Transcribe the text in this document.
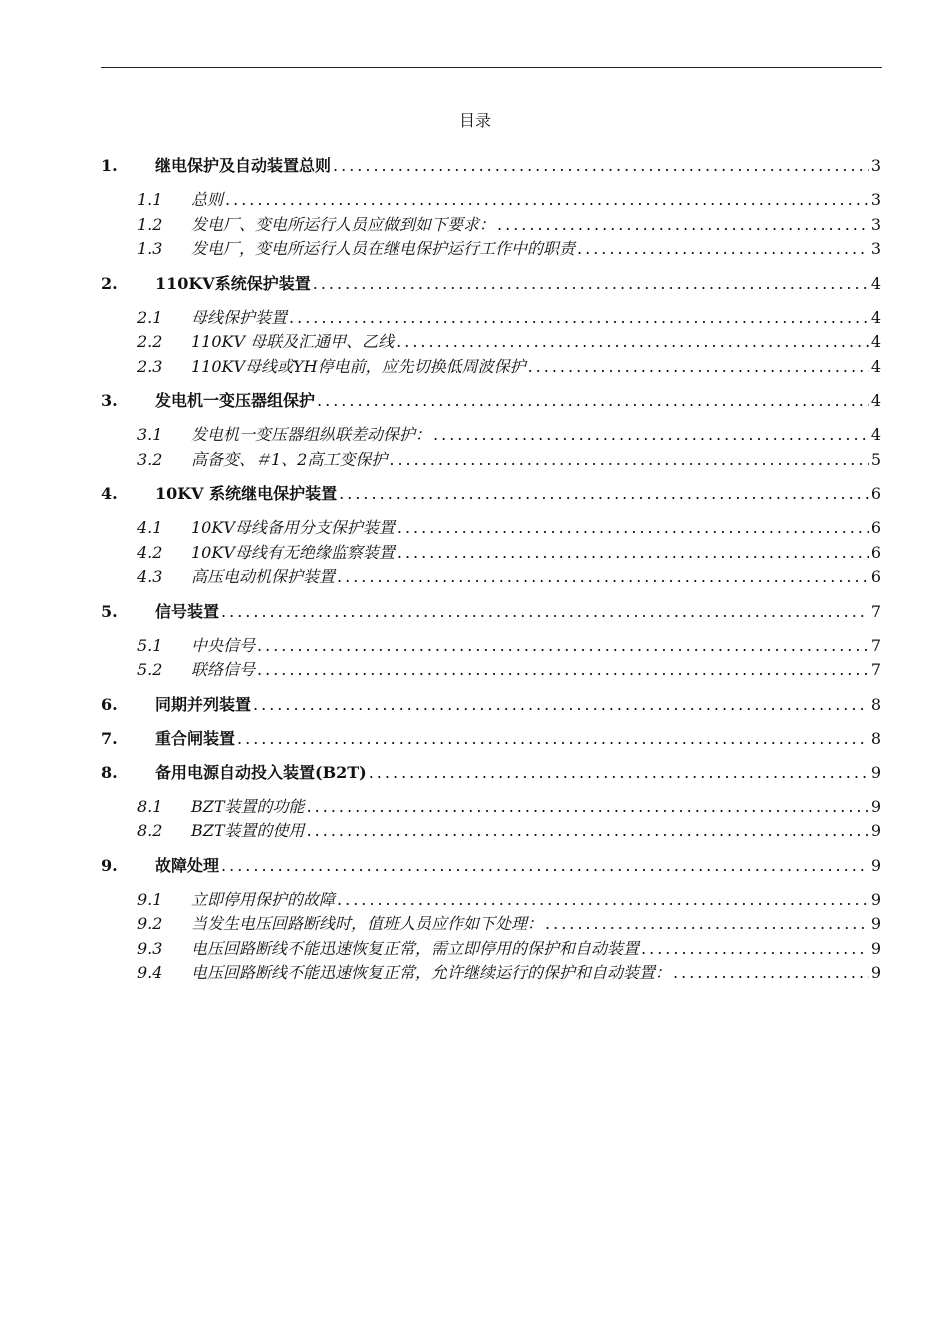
目录
1.	继电保护及自动装置总则 .....	3
1.1	总则 .....	3
1.2	发电厂、变电所运行人员应做到如下要求： .....	3
1.3	发电厂，变电所运行人员在继电保护运行工作中的职责 .....	3
2.	110KV系统保护装置 .....	4
2.1	母线保护装置 .....	4
2.2	110KV 母联及汇通甲、乙线 .....	4
2.3	110KV母线或YH停电前，应先切换低周波保护 .....	4
3.	发电机一变压器组保护 .....	4
3.1	发电机一变压器组纵联差动保护： .....	4
3.2	高备变、＃1、2高工变保护 .....	5
4.	10KV 系统继电保护装置 .....	6
4.1	10KV母线备用分支保护装置 .....	6
4.2	10KV母线有无绝缘监察装置 .....	6
4.3	高压电动机保护装置 .....	6
5.	信号装置 .....	7
5.1	中央信号 .....	7
5.2	联络信号 .....	7
6.	同期并列装置 .....	8
7.	重合闸装置 .....	8
8.	备用电源自动投入装置(B2T) .....	9
8.1	BZT装置的功能 .....	9
8.2	BZT装置的使用 .....	9
9.	故障处理 .....	9
9.1	立即停用保护的故障 .....	9
9.2	当发生电压回路断线时，值班人员应作如下处理： .....	9
9.3	电压回路断线不能迅速恢复正常，需立即停用的保护和自动装置 .....	9
9.4	电压回路断线不能迅速恢复正常，允许继续运行的保护和自动装置： .....	9
